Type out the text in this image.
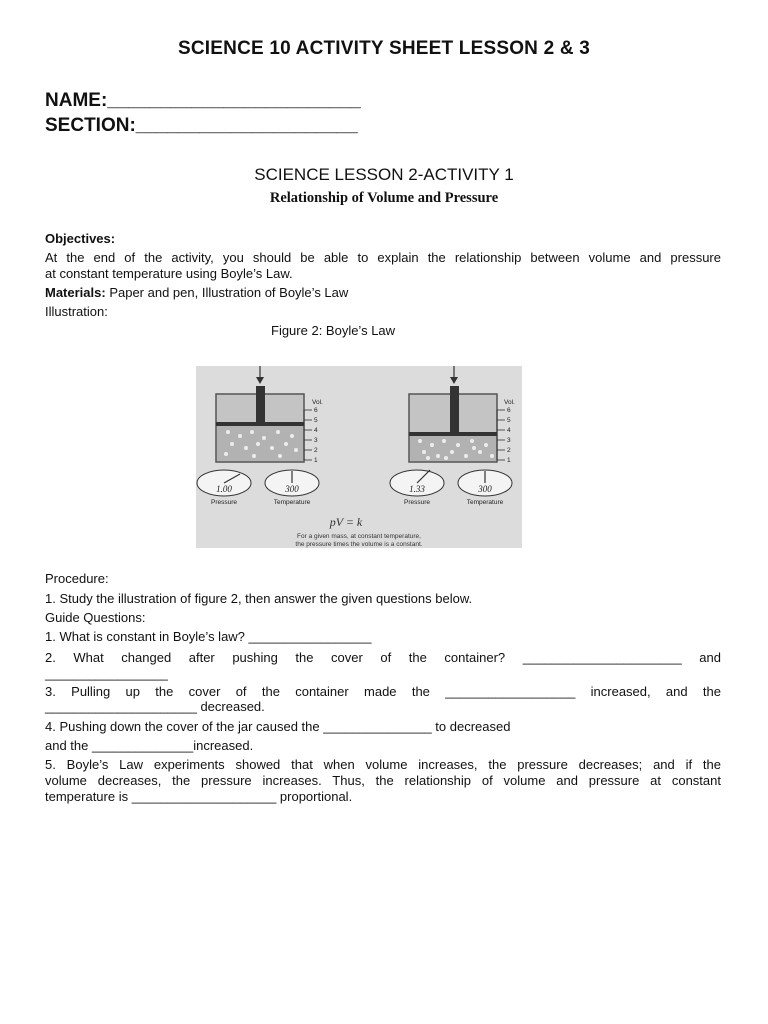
SCIENCE 10 ACTIVITY SHEET LESSON 2 & 3
NAME:________________________
SECTION:_____________________
SCIENCE LESSON 2-ACTIVITY 1
Relationship of Volume and Pressure
Objectives:
At the end of the activity, you should be able to explain the relationship between volume and pressure
at constant temperature using Boyle’s Law.
Materials: Paper and pen, Illustration of Boyle’s Law
Illustration:
Figure 2: Boyle’s Law
Vol.
6
5
4
3
2
1
1.00	300
Pressure	Temperature
Vol.
6
5
4
3
2
1
1.33	300
Pressure	Temperature
pV = k
For a given mass, at constant temperature,
the pressure times the volume is a constant.
Procedure:
1. Study the illustration of figure 2, then answer the given questions below.
Guide Questions:
1. What is constant in Boyle’s law? _________________
2. What changed after pushing the cover of the container? ______________________ and
_________________
3. Pulling up the cover of the container made the __________________ increased, and the
_____________________ decreased.
4. Pushing down the cover of the jar caused the _______________ to decreased
and the ______________increased.
5. Boyle’s Law experiments showed that when volume increases, the pressure decreases; and if the
volume decreases, the pressure increases. Thus, the relationship of volume and pressure at constant
temperature is ____________________ proportional.
